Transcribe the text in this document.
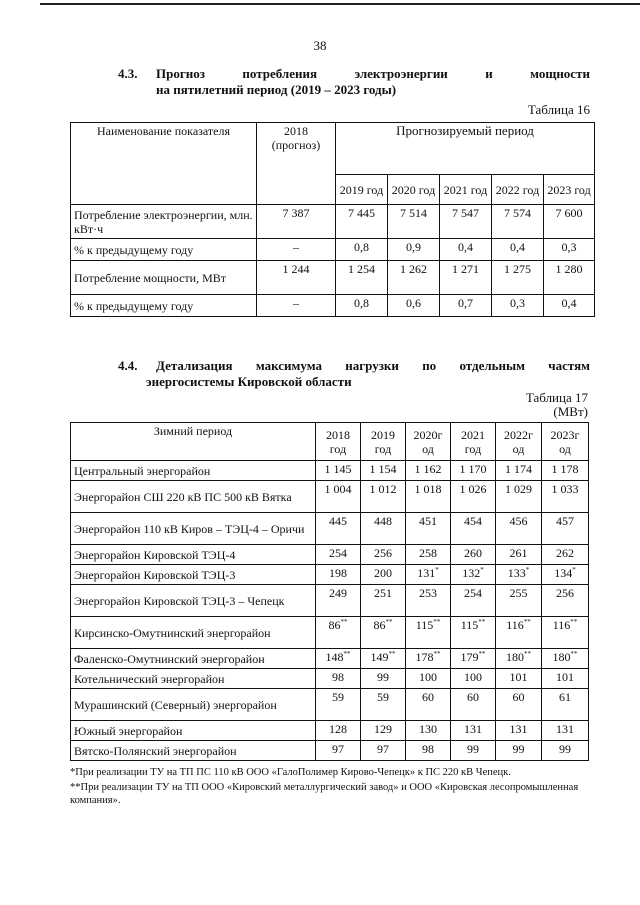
38
4.3. Прогноз	потребления	электроэнергии	и	мощности
на пятилетний период (2019 – 2023 годы)
Таблица 16
Наименование показателя	2018 (прогноз)	Прогнозируемый период				
		2019 год	2020 год	2021 год	2022 год	2023 год
Потребление электроэнергии, млн. кВт·ч	7 387	7 445	7 514	7 547	7 574	7 600
% к предыдущему году	–	0,8	0,9	0,4	0,4	0,3
Потребление мощности, МВт	1 244	1 254	1 262	1 271	1 275	1 280
% к предыдущему году	–	0,8	0,6	0,7	0,3	0,4
4.4. Детализация максимума нагрузки по отдельным частям
энергосистемы Кировской области
Таблица 17
(МВт)
Зимний период	2018 год	2019 год	2020г од	2021 год	2022г од	2023г од
Центральный энергорайон	1 145	1 154	1 162	1 170	1 174	1 178
Энергорайон СШ 220 кВ ПС 500 кВ Вятка	1 004	1 012	1 018	1 026	1 029	1 033
Энергорайон 110 кВ Киров – ТЭЦ-4 – Оричи	445	448	451	454	456	457
Энергорайон Кировской ТЭЦ-4	254	256	258	260	261	262
Энергорайон Кировской ТЭЦ-3	198	200	131*	132*	133*	134*
Энергорайон Кировской ТЭЦ-3 – Чепецк	249	251	253	254	255	256
Кирсинско-Омутнинский энергорайон	86**	86**	115**	115**	116**	116**
Фаленско-Омутнинский энергорайон	148**	149**	178**	179**	180**	180**
Котельнический энергорайон	98	99	100	100	101	101
Мурашинский (Северный) энергорайон	59	59	60	60	60	61
Южный энергорайон	128	129	130	131	131	131
Вятско-Полянский энергорайон	97	97	98	99	99	99
*При реализации ТУ на ТП ПС 110 кВ ООО «ГалоПолимер Кирово-Чепецк» к ПС 220 кВ Чепецк.
**При реализации ТУ на ТП ООО «Кировский металлургический завод» и ООО «Кировская лесопромышленная компания».
